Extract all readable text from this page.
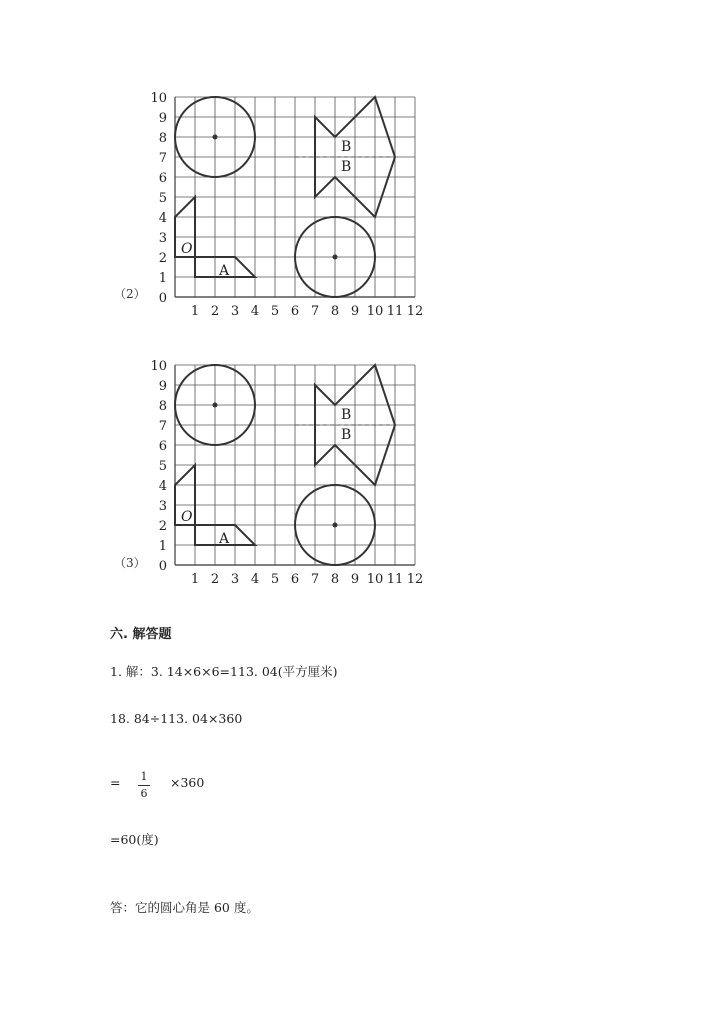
0
1
2
3
4
5
6
7
8
9
10
1 2 3 4 5 6 7 8 9 10 11 12
O
A
B
B
（2）
0
1
2
3
4
5
6
7
8
9
10
1 2 3 4 5 6 7 8 9 10 11 12
O
A
B
B
（3）
六. 解答题
1. 解：3. 14×6×6=113. 04(平方厘米)
18. 84÷113. 04×360
= 1
6
×360
=60(度)
答：它的圆心角是 60 度。
